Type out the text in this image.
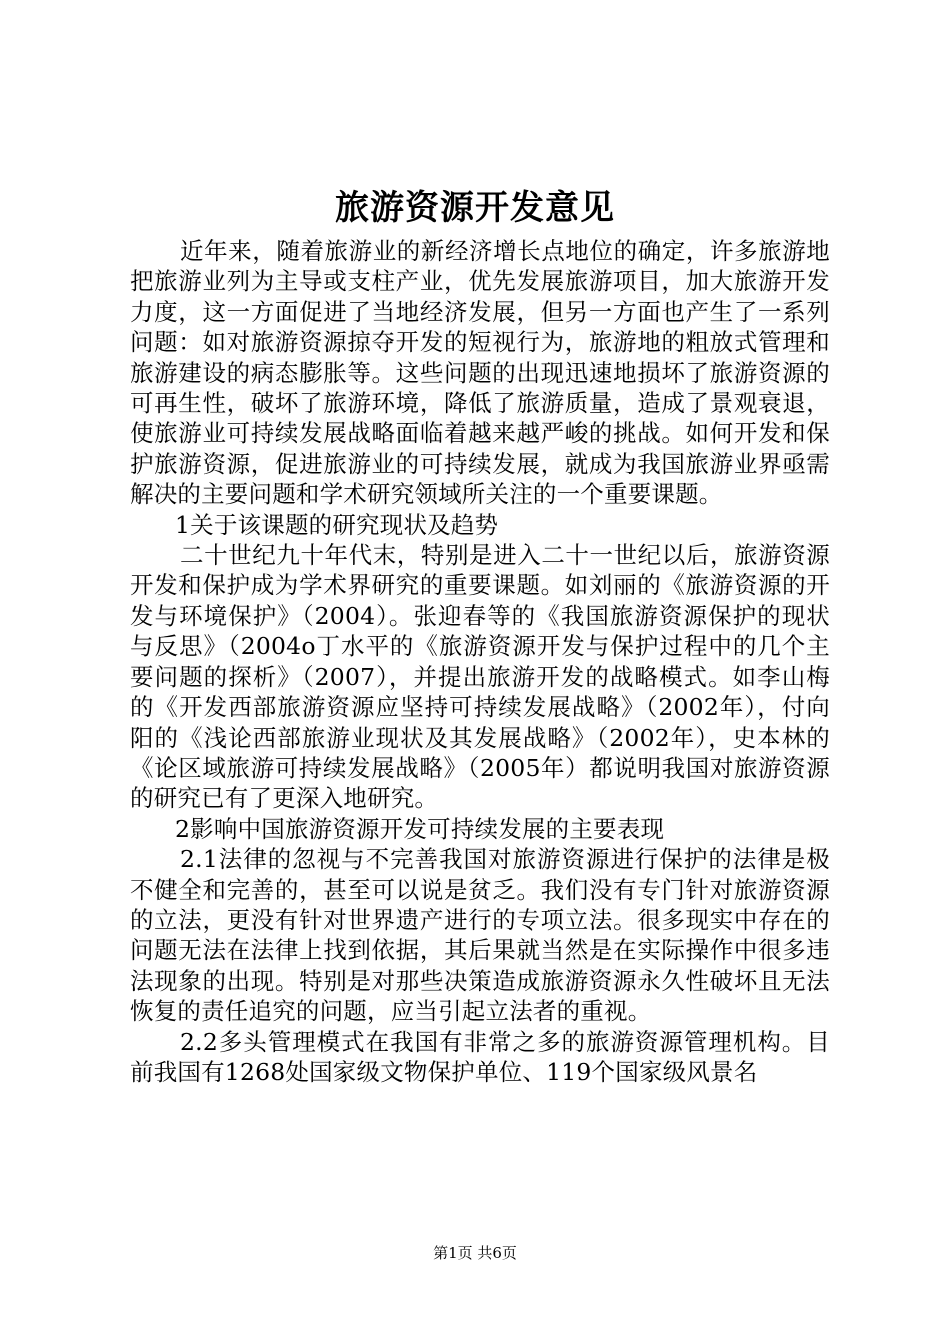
旅游资源开发意见

近年来，随着旅游业的新经济增长点地位的确定，许多旅游地把旅游业列为主导或支柱产业，优先发展旅游项目，加大旅游开发力度，这一方面促进了当地经济发展，但另一方面也产生了一系列问题：如对旅游资源掠夺开发的短视行为，旅游地的粗放式管理和旅游建设的病态膨胀等。这些问题的出现迅速地损坏了旅游资源的可再生性，破坏了旅游环境，降低了旅游质量，造成了景观衰退，使旅游业可持续发展战略面临着越来越严峻的挑战。如何开发和保护旅游资源，促进旅游业的可持续发展，就成为我国旅游业界亟需解决的主要问题和学术研究领域所关注的一个重要课题。

1关于该课题的研究现状及趋势

二十世纪九十年代末，特别是进入二十一世纪以后，旅游资源开发和保护成为学术界研究的重要课题。如刘丽的《旅游资源的开发与环境保护》（2004）。张迎春等的《我国旅游资源保护的现状与反思》（2004o丁水平的《旅游资源开发与保护过程中的几个主要问题的探析》（2007），并提出旅游开发的战略模式。如李山梅的《开发西部旅游资源应坚持可持续发展战略》（2002年），付向阳的《浅论西部旅游业现状及其发展战略》（2002年），史本林的《论区域旅游可持续发展战略》（2005年）都说明我国对旅游资源的研究已有了更深入地研究。

2影响中国旅游资源开发可持续发展的主要表现

2.1法律的忽视与不完善我国对旅游资源进行保护的法律是极不健全和完善的，甚至可以说是贫乏。我们没有专门针对旅游资源的立法，更没有针对世界遗产进行的专项立法。很多现实中存在的问题无法在法律上找到依据，其后果就当然是在实际操作中很多违法现象的出现。特别是对那些决策造成旅游资源永久性破坏且无法恢复的责任追究的问题，应当引起立法者的重视。

2.2多头管理模式在我国有非常之多的旅游资源管理机构。目前我国有1268处国家级文物保护单位、119个国家级风景名

第1页 共6页
